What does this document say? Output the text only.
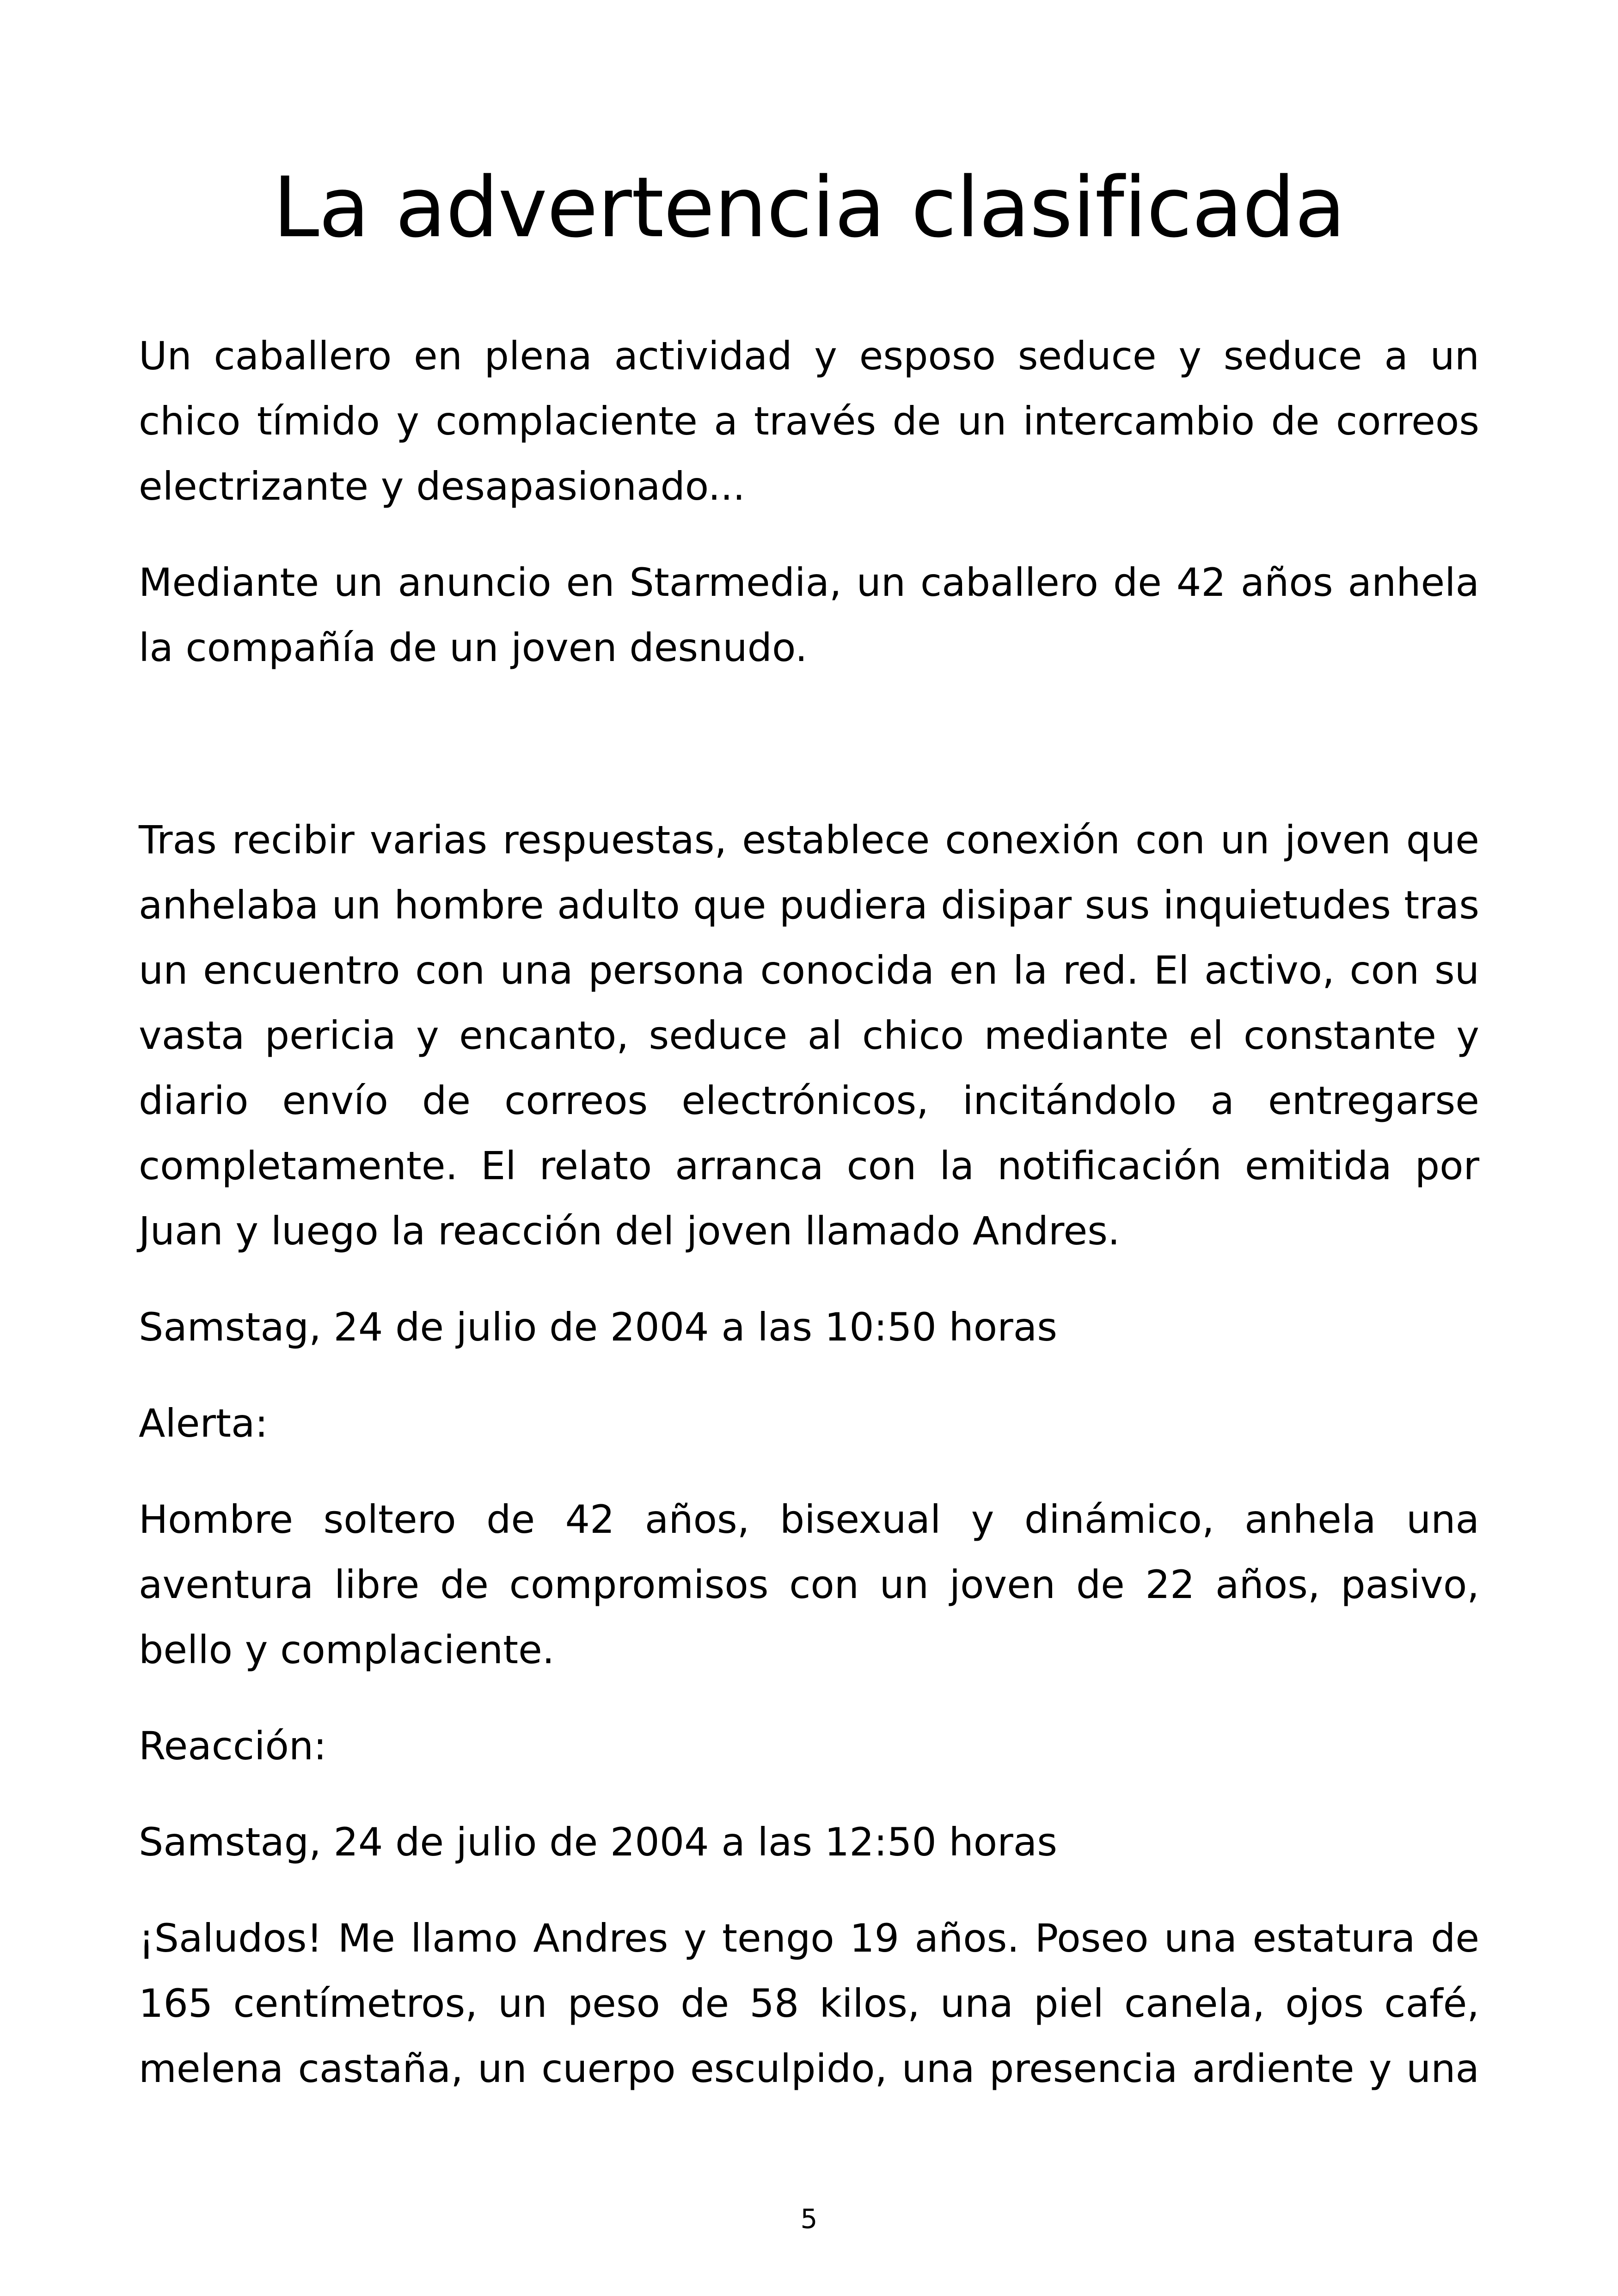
La advertencia clasificada

Un caballero en plena actividad y esposo seduce y seduce a un chico tímido y complaciente a través de un intercambio de correos electrizante y desapasionado...

Mediante un anuncio en Starmedia, un caballero de 42 años anhela la compañía de un joven desnudo.

Tras recibir varias respuestas, establece conexión con un joven que anhelaba un hombre adulto que pudiera disipar sus inquietudes tras un encuentro con una persona conocida en la red. El activo, con su vasta pericia y encanto, seduce al chico mediante el constante y diario envío de correos electrónicos, incitándolo a entregarse completamente. El relato arranca con la notificación emitida por Juan y luego la reacción del joven llamado Andres.

Samstag, 24 de julio de 2004 a las 10:50 horas

Alerta:

Hombre soltero de 42 años, bisexual y dinámico, anhela una aventura libre de compromisos con un joven de 22 años, pasivo, bello y complaciente.

Reacción:

Samstag, 24 de julio de 2004 a las 12:50 horas

¡Saludos! Me llamo Andres y tengo 19 años. Poseo una estatura de 165 centímetros, un peso de 58 kilos, una piel canela, ojos café, melena castaña, un cuerpo esculpido, una presencia ardiente y una

5
